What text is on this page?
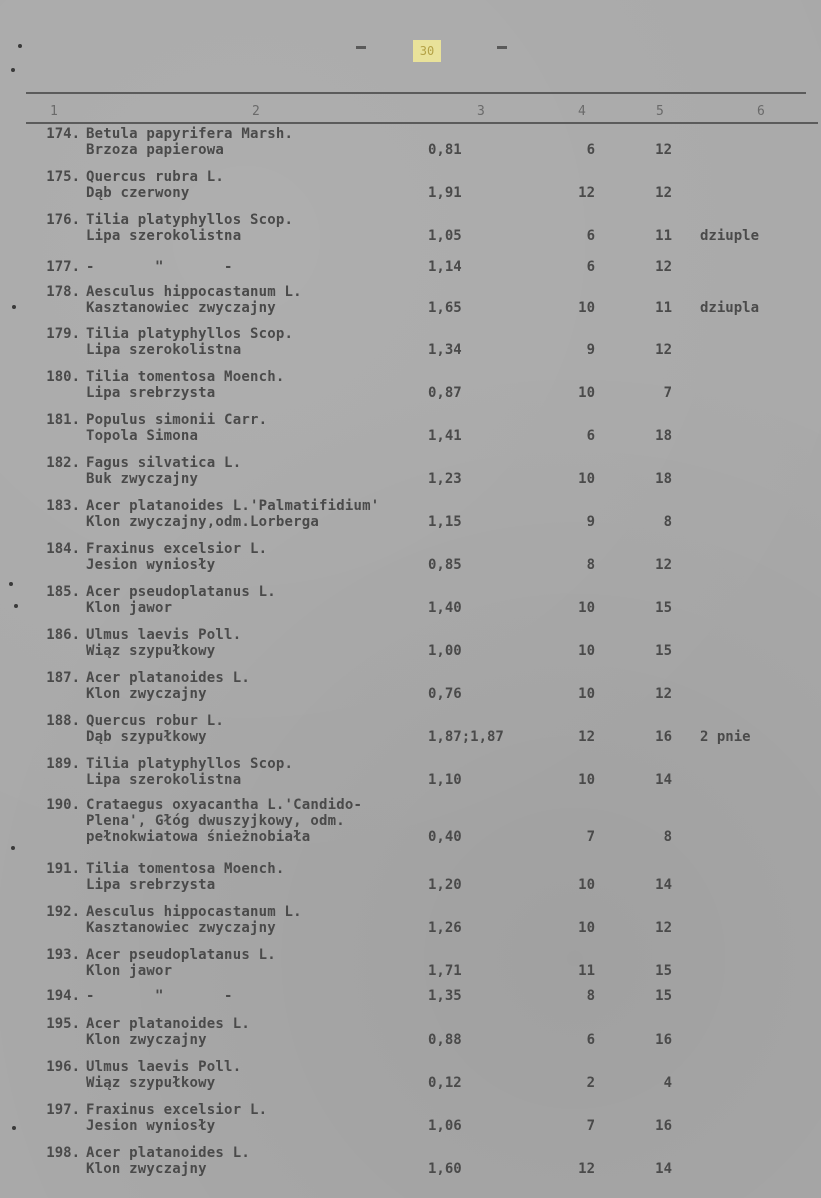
30
1	2	3	4	5	6
174. Betula papyrifera Marsh.
Brzoza papierowa	0,81	6	12
175. Quercus rubra L.
Dąb czerwony	1,91	12	12
176. Tilia platyphyllos Scop.
Lipa szerokolistna	1,05	6	11 dziuple
177. -       "       -	1,14	6	12
178. Aesculus hippocastanum L.
Kasztanowiec zwyczajny	1,65	10	11 dziupla
179. Tilia platyphyllos Scop.
Lipa szerokolistna	1,34	9	12
180. Tilia tomentosa Moench.
Lipa srebrzysta	0,87	10	7
181. Populus simonii Carr.
Topola Simona	1,41	6	18
182. Fagus silvatica L.
Buk zwyczajny	1,23	10	18
183. Acer platanoides L.'Palmatifidium'
Klon zwyczajny,odm.Lorberga	1,15	9	8
184. Fraxinus excelsior L.
Jesion wyniosły	0,85	8	12
185. Acer pseudoplatanus L.
Klon jawor	1,40	10	15
186. Ulmus laevis Poll.
Wiąz szypułkowy	1,00	10	15
187. Acer platanoides L.
Klon zwyczajny	0,76	10	12
188. Quercus robur L.
Dąb szypułkowy	1,87;1,87	12	16 2 pnie
189. Tilia platyphyllos Scop.
Lipa szerokolistna	1,10	10	14
190. Crataegus oxyacantha L.'Candido-
Plena', Głóg dwuszyjkowy, odm.
pełnokwiatowa śnieżnobiała	0,40	7	8
191. Tilia tomentosa Moench.
Lipa srebrzysta	1,20	10	14
192. Aesculus hippocastanum L.
Kasztanowiec zwyczajny	1,26	10	12
193. Acer pseudoplatanus L.
Klon jawor	1,71	11	15
194. -       "       -	1,35	8	15
195. Acer platanoides L.
Klon zwyczajny	0,88	6	16
196. Ulmus laevis Poll.
Wiąz szypułkowy	0,12	2	4
197. Fraxinus excelsior L.
Jesion wyniosły	1,06	7	16
198. Acer platanoides L.
Klon zwyczajny	1,60	12	14
